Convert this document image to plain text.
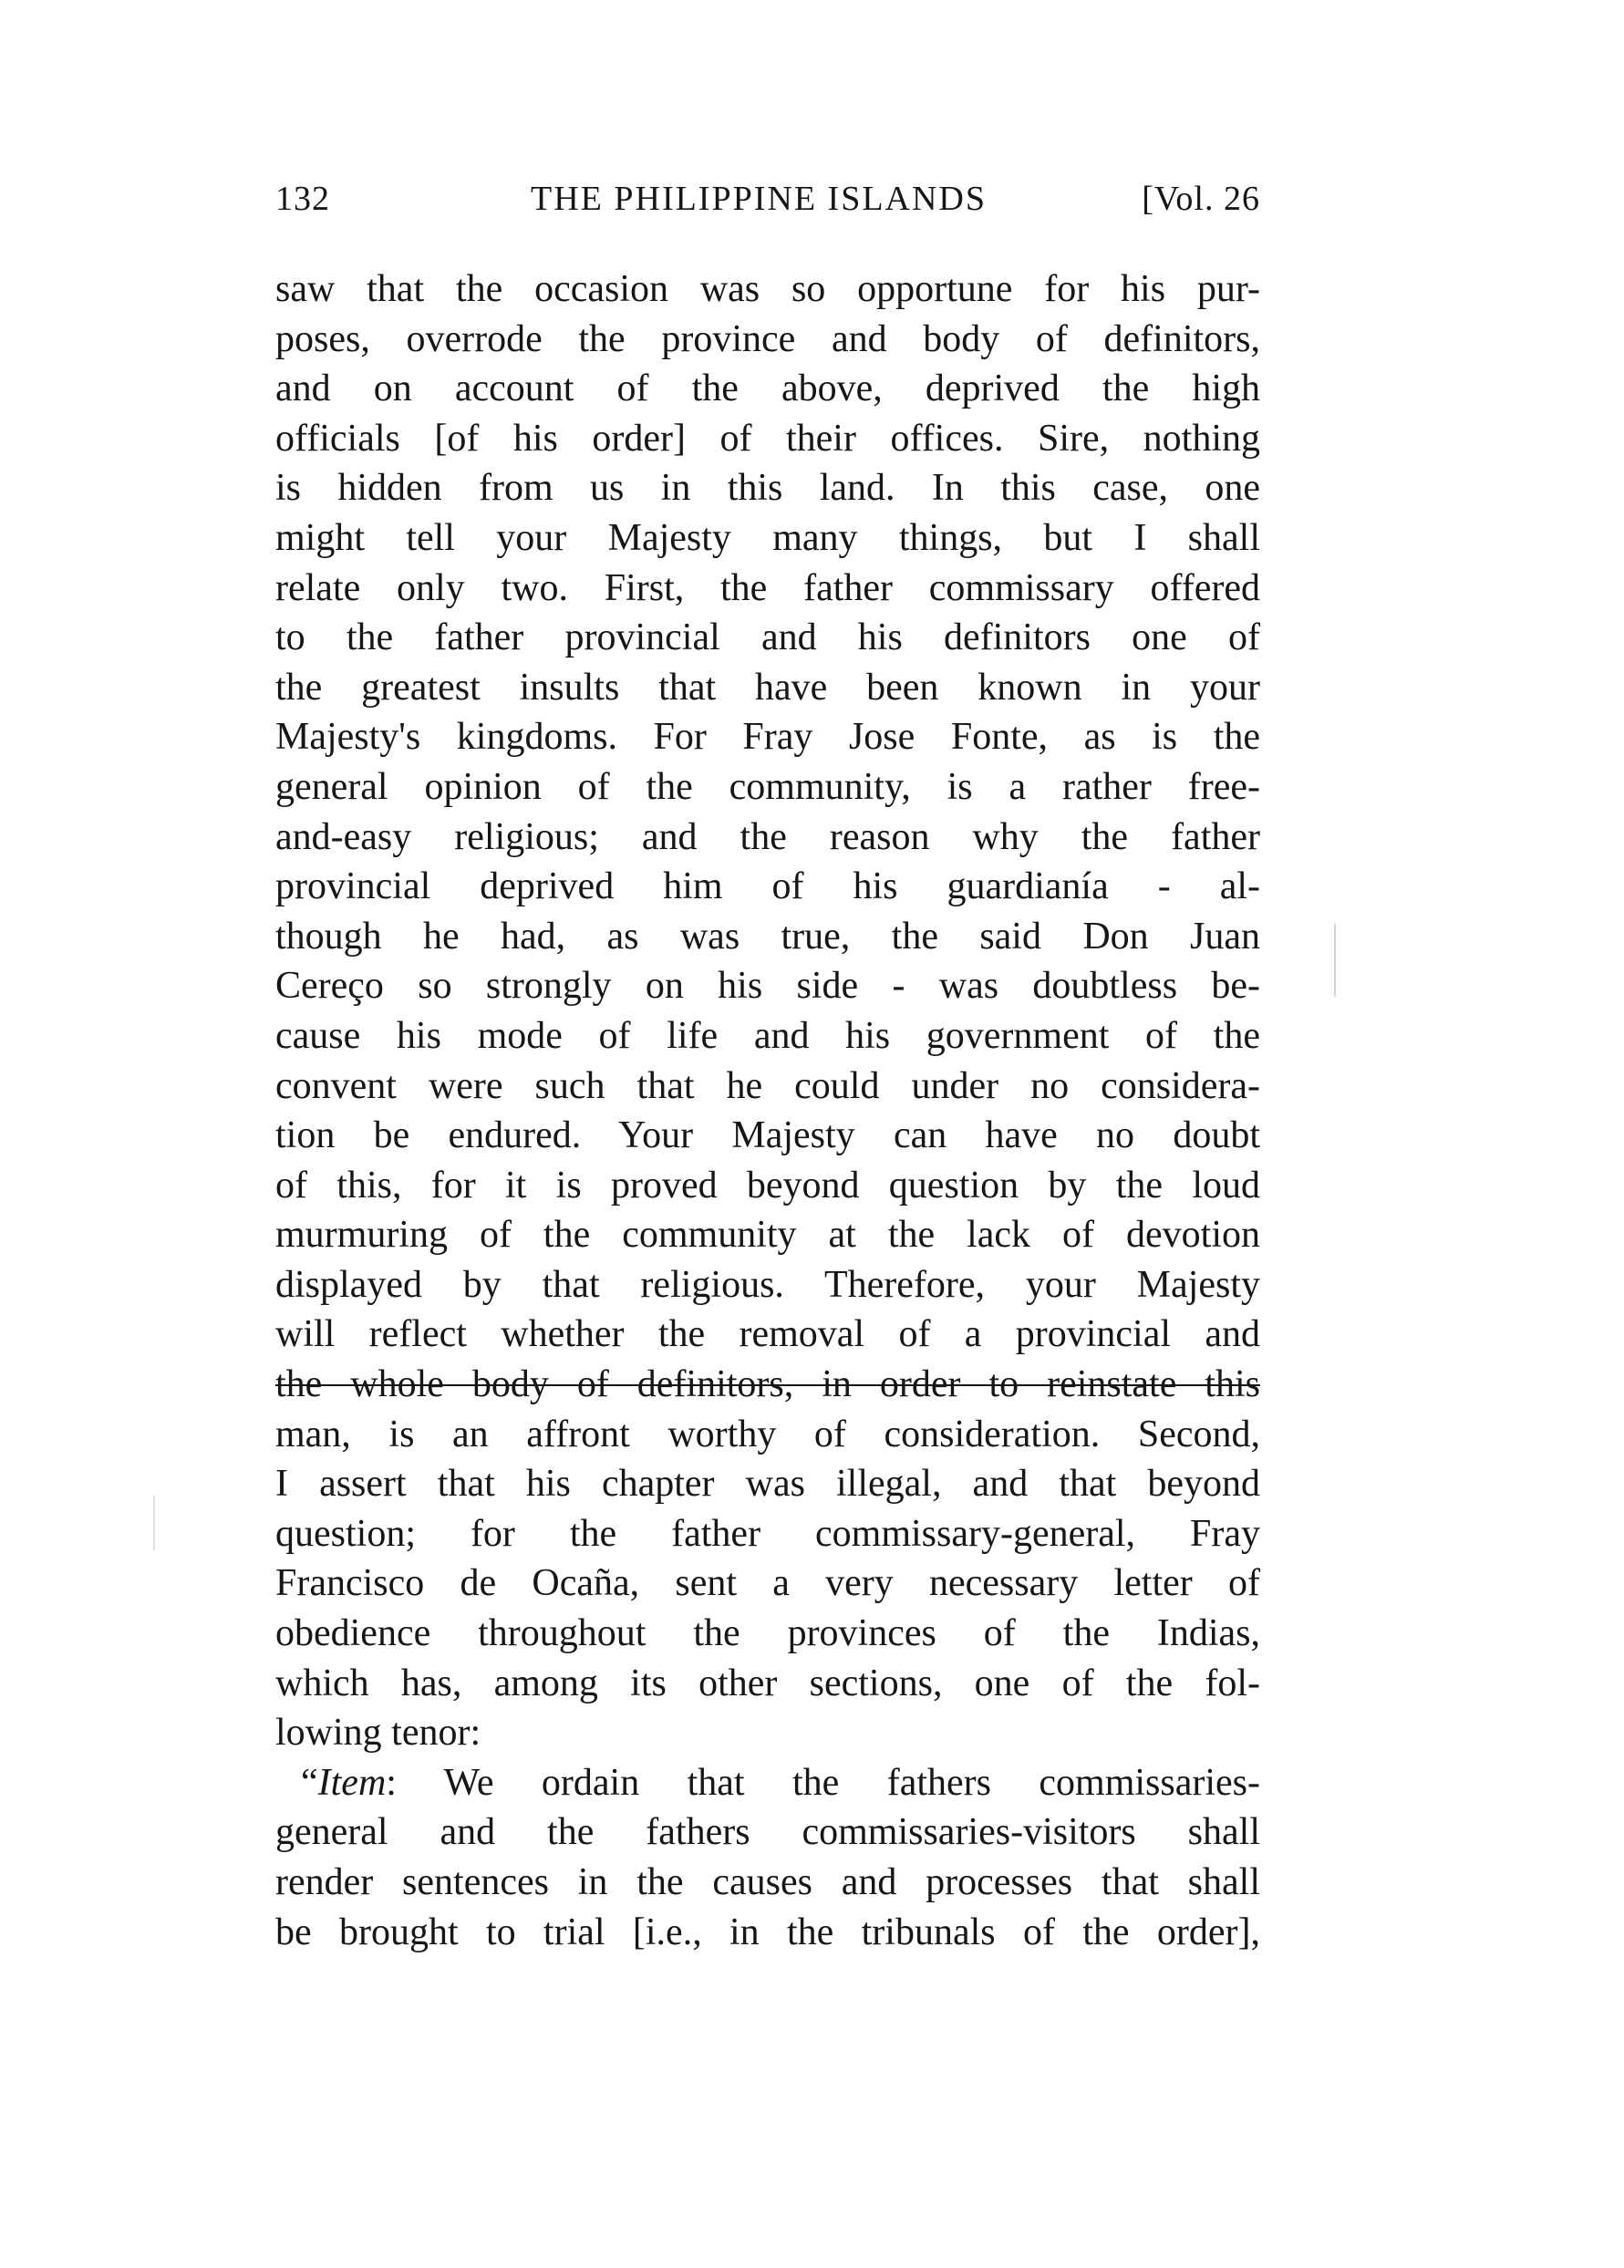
132	THE PHILIPPINE ISLANDS	[Vol. 26
saw that the occasion was so opportune for his pur-
poses, overrode the province and body of definitors,
and on account of the above, deprived the high
officials [of his order] of their offices. Sire, nothing
is hidden from us in this land. In this case, one
might tell your Majesty many things, but I shall
relate only two. First, the father commissary offered
to the father provincial and his definitors one of
the greatest insults that have been known in your
Majesty's kingdoms. For Fray Jose Fonte, as is the
general opinion of the community, is a rather free-
and-easy religious; and the reason why the father
provincial deprived him of his guardianía - al-
though he had, as was true, the said Don Juan
Cereço so strongly on his side - was doubtless be-
cause his mode of life and his government of the
convent were such that he could under no considera-
tion be endured. Your Majesty can have no doubt
of this, for it is proved beyond question by the loud
murmuring of the community at the lack of devotion
displayed by that religious. Therefore, your Majesty
will reflect whether the removal of a provincial and
the whole body of definitors, in order to reinstate this
man, is an affront worthy of consideration. Second,
I assert that his chapter was illegal, and that beyond
question; for the father commissary-general, Fray
Francisco de Ocaña, sent a very necessary letter of
obedience throughout the provinces of the Indias,
which has, among its other sections, one of the fol-
lowing tenor:
“Item: We ordain that the fathers commissaries-
general and the fathers commissaries-visitors shall
render sentences in the causes and processes that shall
be brought to trial [i.e., in the tribunals of the order],
